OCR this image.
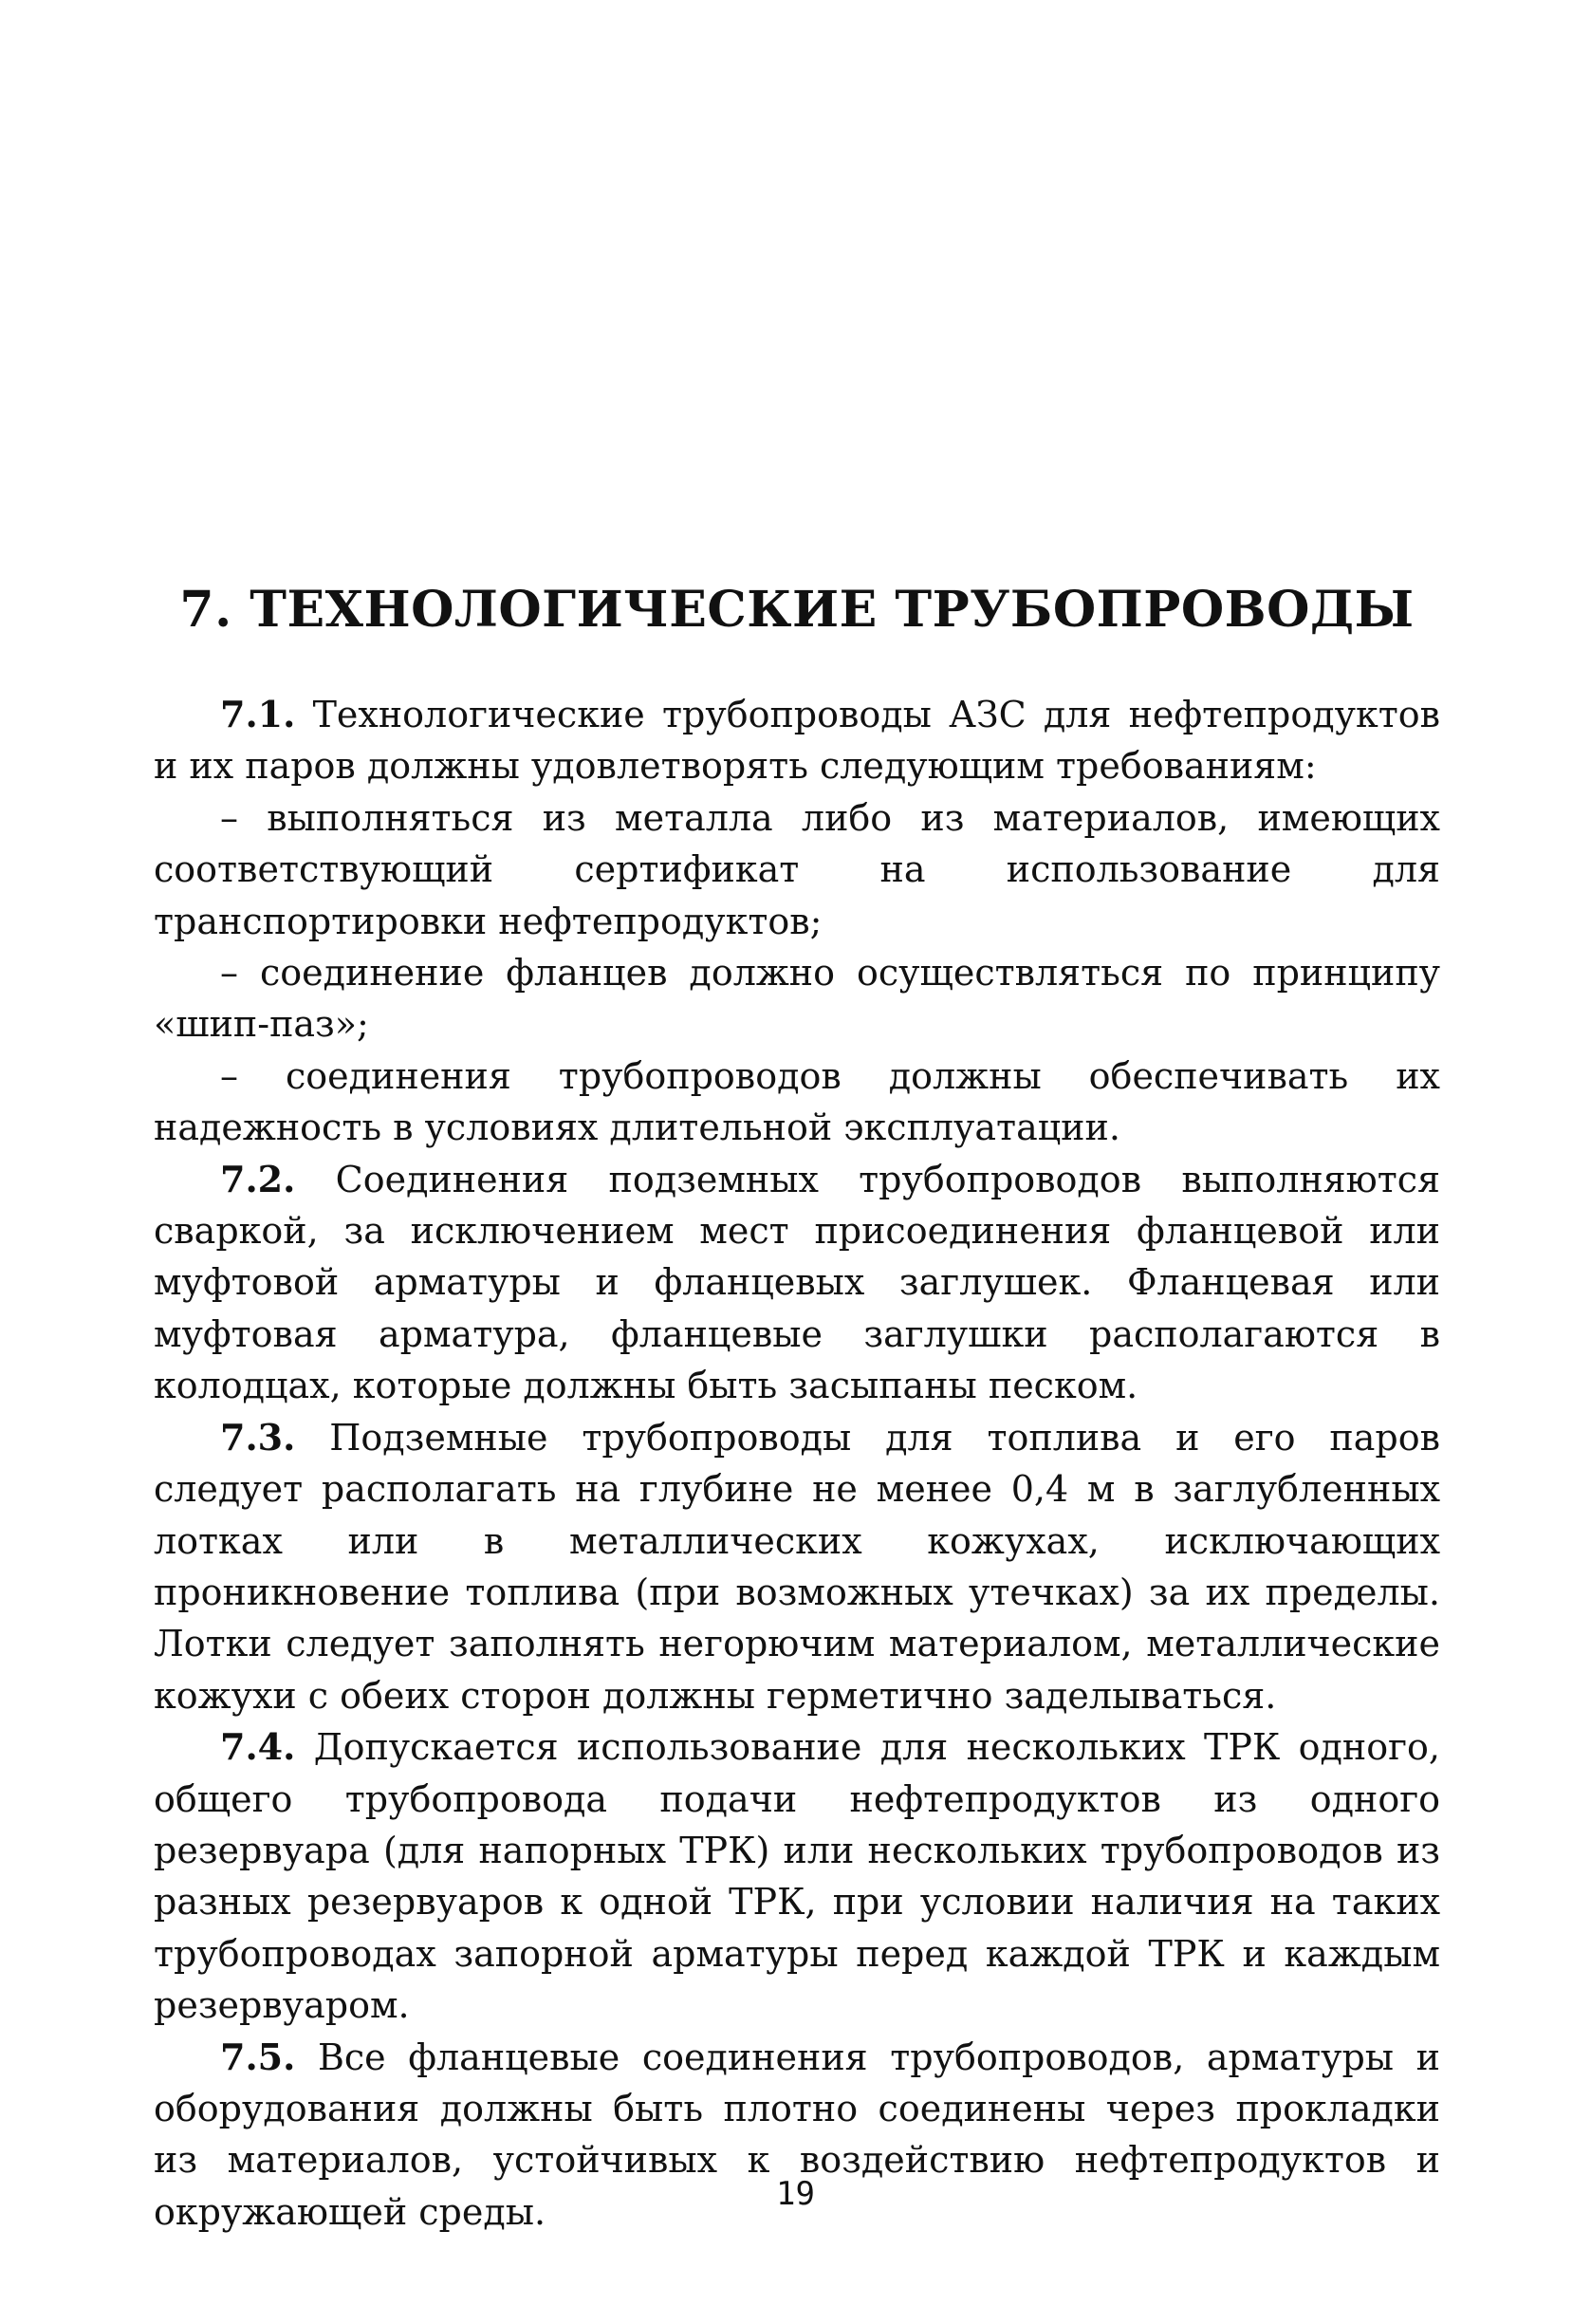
7. ТЕХНОЛОГИЧЕСКИЕ ТРУБОПРОВОДЫ

7.1. Технологические трубопроводы АЗС для нефтепродуктов и их паров должны удовлетворять следующим требованиям:

– выполняться из металла либо из материалов, имеющих соответствующий сертификат на использование для транспортировки нефтепродуктов;

– соединение фланцев должно осуществляться по принципу «шип-паз»;

– соединения трубопроводов должны обеспечивать их надежность в условиях длительной эксплуатации.

7.2. Соединения подземных трубопроводов выполняются сваркой, за исключением мест присоединения фланцевой или муфтовой арматуры и фланцевых заглушек. Фланцевая или муфтовая арматура, фланцевые заглушки располагаются в колодцах, которые должны быть засыпаны песком.

7.3. Подземные трубопроводы для топлива и его паров следует располагать на глубине не менее 0,4 м в заглубленных лотках или в металлических кожухах, исключающих проникновение топлива (при возможных утечках) за их пределы. Лотки следует заполнять негорючим материалом, металлические кожухи с обеих сторон должны герметично заделываться.

7.4. Допускается использование для нескольких ТРК одного, общего трубопровода подачи нефтепродуктов из одного резервуара (для напорных ТРК) или нескольких трубопроводов из разных резервуаров к одной ТРК, при условии наличия на таких трубопроводах запорной арматуры перед каждой ТРК и каждым резервуаром.

7.5. Все фланцевые соединения трубопроводов, арматуры и оборудования должны быть плотно соединены через прокладки из материалов, устойчивых к воздействию нефтепродуктов и окружающей среды.	19
